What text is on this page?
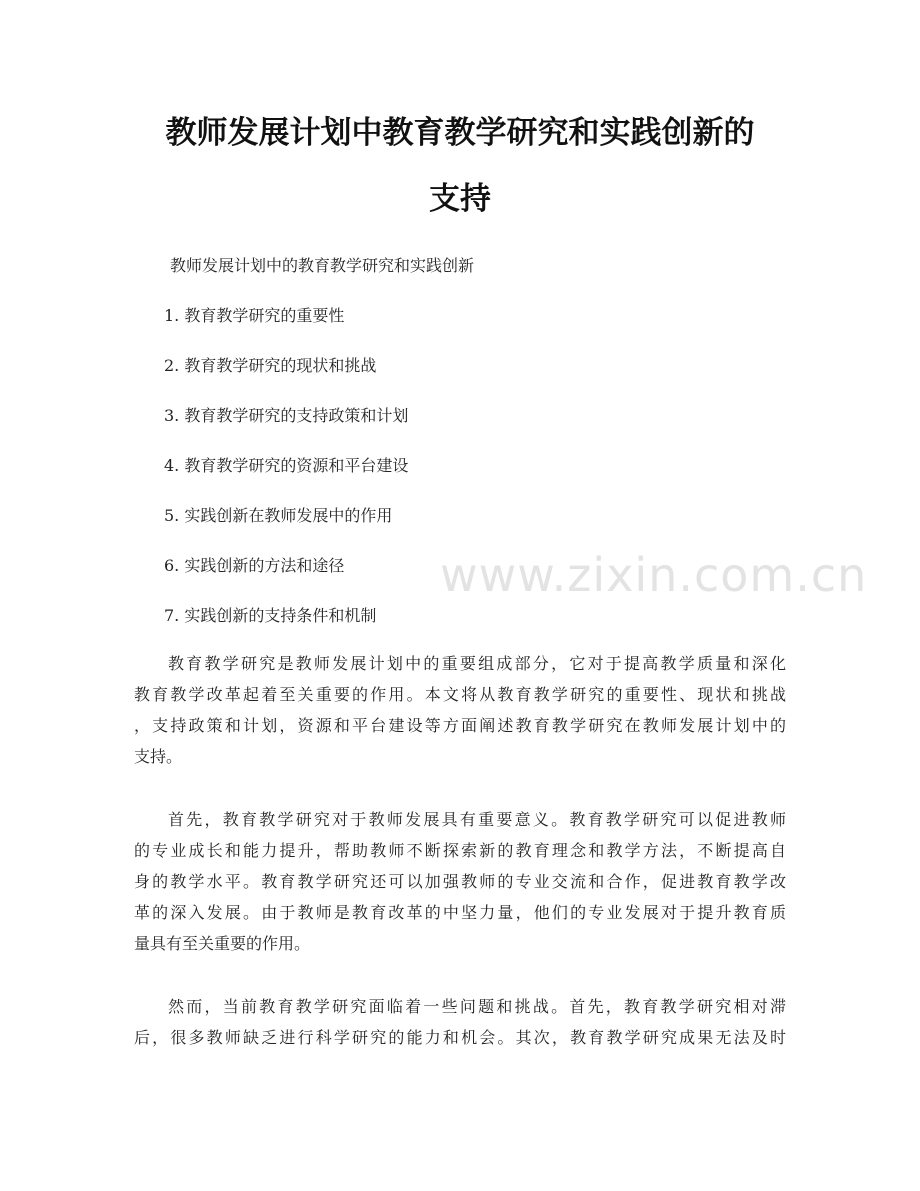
教师发展计划中教育教学研究和实践创新的
支持
教师发展计划中的教育教学研究和实践创新
1. 教育教学研究的重要性
2. 教育教学研究的现状和挑战
3. 教育教学研究的支持政策和计划
4. 教育教学研究的资源和平台建设
5. 实践创新在教师发展中的作用
6. 实践创新的方法和途径
7. 实践创新的支持条件和机制
教育教学研究是教师发展计划中的重要组成部分，它对于提高教学质量和深化
教育教学改革起着至关重要的作用。本文将从教育教学研究的重要性、现状和挑战
，支持政策和计划，资源和平台建设等方面阐述教育教学研究在教师发展计划中的
支持。
首先，教育教学研究对于教师发展具有重要意义。教育教学研究可以促进教师
的专业成长和能力提升，帮助教师不断探索新的教育理念和教学方法，不断提高自
身的教学水平。教育教学研究还可以加强教师的专业交流和合作，促进教育教学改
革的深入发展。由于教师是教育改革的中坚力量，他们的专业发展对于提升教育质
量具有至关重要的作用。
然而，当前教育教学研究面临着一些问题和挑战。首先，教育教学研究相对滞
后，很多教师缺乏进行科学研究的能力和机会。其次，教育教学研究成果无法及时
www.zixin.com.cn
